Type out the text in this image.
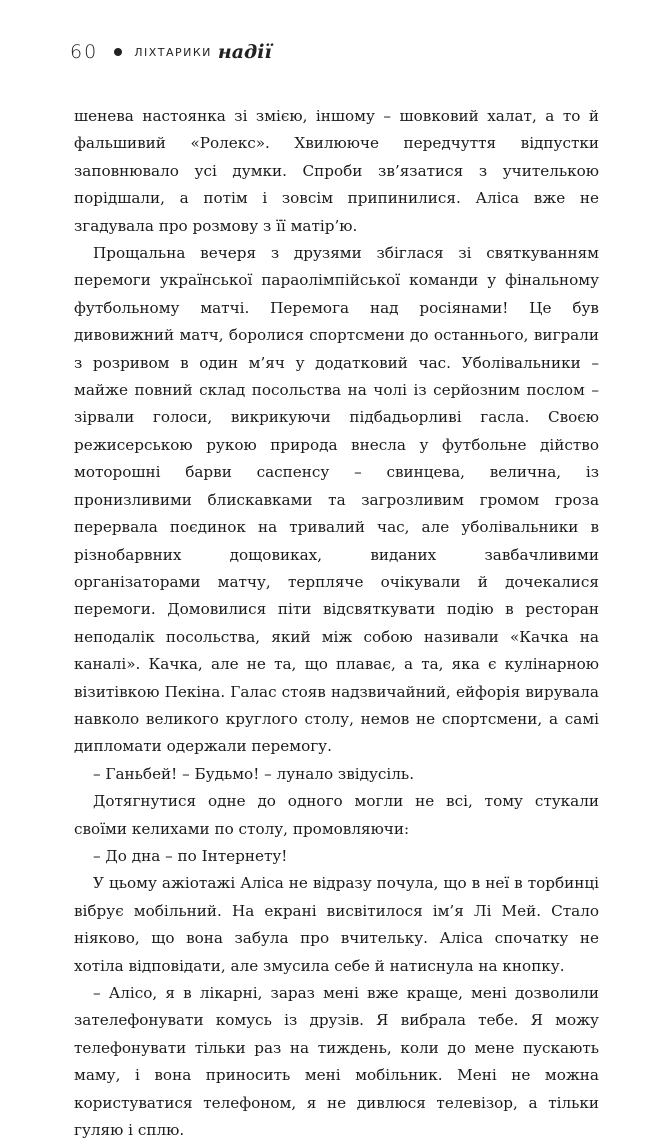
60	ЛІХТАРИКИ надії

шенева настоянка зі змією, іншому – шовковий халат, а то й фальшивий «Ролекс». Хвилююче передчуття відпустки заповнювало усі думки. Спроби зв’язатися з учителькою порідшали, а потім і зовсім припинилися. Аліса вже не згадувала про розмову з її матір’ю.

Прощальна вечеря з друзями збіглася зі святкуванням перемоги української параолімпійської команди у фінальному футбольному матчі. Перемога над росіянами! Це був дивовижний матч, боролися спортсмени до останнього, виграли з розривом в один м’яч у додатковий час. Уболівальники – майже повний склад посольства на чолі із серйозним послом – зірвали голоси, викрикуючи підбадьорливі гасла. Своєю режисерською рукою природа внесла у футбольне дійство моторошні барви саспенсу – свинцева, велична, із пронизливими блискавками та загрозливим громом гроза перервала поєдинок на тривалий час, але уболівальники в різнобарвних дощовиках, виданих завбачливими організаторами матчу, терпляче очікували й дочекалися перемоги. Домовилися піти відсвяткувати подію в ресторан неподалік посольства, який між собою називали «Качка на каналі». Качка, але не та, що плаває, а та, яка є кулінарною візитівкою Пекіна. Галас стояв надзвичайний, ейфорія вирувала навколо великого круглого столу, немов не спортсмени, а самі дипломати одержали перемогу.

– Ганьбей! – Будьмо! – лунало звідусіль.

Дотягнутися одне до одного могли не всі, тому стукали своїми келихами по столу, промовляючи:

– До дна – по Інтернету!

У цьому ажіотажі Аліса не відразу почула, що в неї в торбинці вібрує мобільний. На екрані висвітилося ім’я Лі Мей. Стало ніяково, що вона забула про вчительку. Аліса спочатку не хотіла відповідати, але змусила себе й натиснула на кнопку.

– Алісо, я в лікарні, зараз мені вже краще, мені дозволили зателефонувати комусь із друзів. Я вибрала тебе. Я можу телефонувати тільки раз на тиждень, коли до мене пускають маму, і вона приносить мені мобільник. Мені не можна користуватися телефоном, я не дивлюся телевізор, а тільки гуляю і сплю.
